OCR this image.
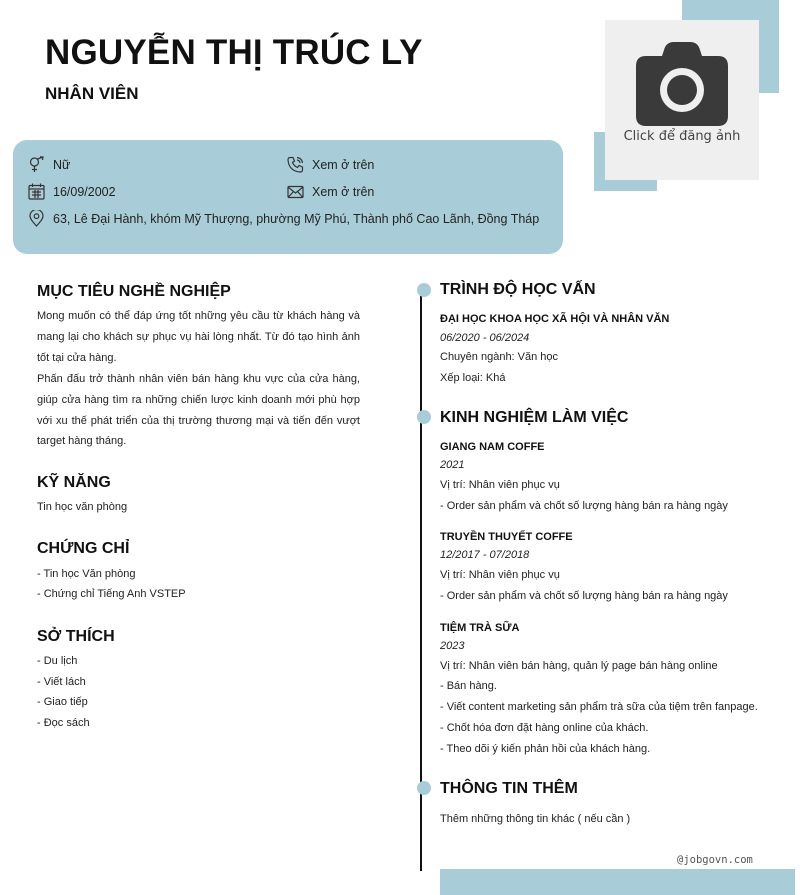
Click để đăng ảnh
NGUYỄN THỊ TRÚC LY
NHÂN VIÊN
Nữ
16/09/2002
63, Lê Đại Hành, khóm Mỹ Thượng, phường Mỹ Phú, Thành phố Cao Lãnh, Đồng Tháp
Xem ở trên
Xem ở trên
MỤC TIÊU NGHỀ NGHIỆP
Mong muốn có thể đáp ứng tốt những yêu cầu từ khách hàng và mang lại cho khách sự phục vụ hài lòng nhất. Từ đó tạo hình ảnh tốt tại cửa hàng.
Phấn đấu trở thành nhân viên bán hàng khu vực của cửa hàng, giúp cửa hàng tìm ra những chiến lược kinh doanh mới phù hợp với xu thế phát triển của thị trường thương mại và tiến đến vượt target hàng tháng.
KỸ NĂNG
Tin học văn phòng
CHỨNG CHỈ
- Tin học Văn phòng
- Chứng chỉ Tiếng Anh VSTEP
SỞ THÍCH
- Du lịch
- Viết lách
- Giao tiếp
- Đọc sách
TRÌNH ĐỘ HỌC VẤN
ĐẠI HỌC KHOA HỌC XÃ HỘI VÀ NHÂN VĂN
06/2020 - 06/2024
Chuyên ngành: Văn học
Xếp loại: Khá
KINH NGHIỆM LÀM VIỆC
GIANG NAM COFFE
2021
Vị trí: Nhân viên phục vụ
- Order sản phẩm và chốt số lượng hàng bán ra hàng ngày
TRUYỀN THUYẾT COFFE
12/2017 - 07/2018
Vị trí: Nhân viên phục vụ
- Order sản phẩm và chốt số lượng hàng bán ra hàng ngày
TIỆM TRÀ SỮA
2023
Vị trí: Nhân viên bán hàng, quản lý page bán hàng online
- Bán hàng.
- Viết content marketing sản phẩm trà sữa của tiệm trên fanpage.
- Chốt hóa đơn đặt hàng online của khách.
- Theo dõi ý kiến phản hồi của khách hàng.
THÔNG TIN THÊM
Thêm những thông tin khác ( nếu cần )
@jobgovn.com
